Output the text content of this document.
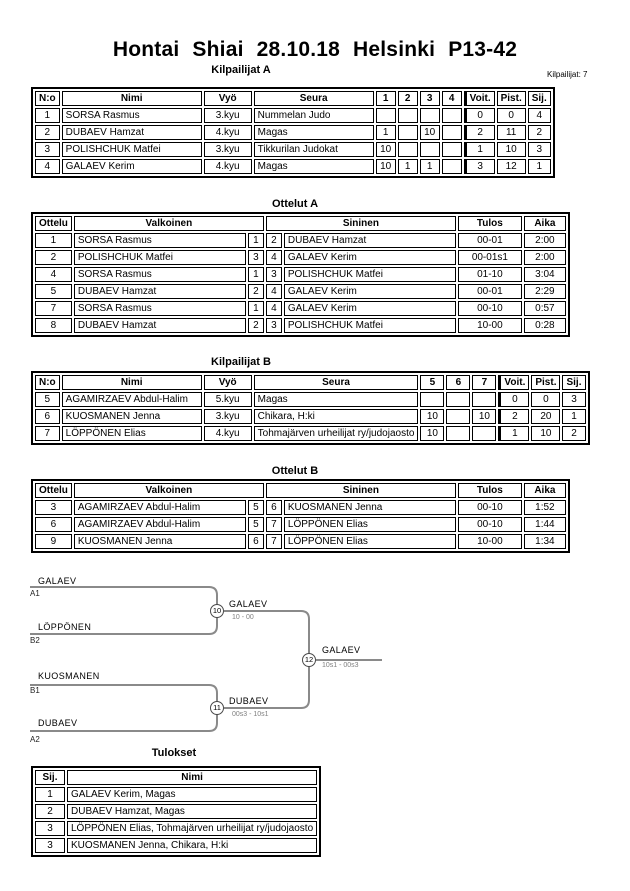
Hontai Shiai 28.10.18 Helsinki P13-42
Kilpailijat A	Kilpailijat: 7
N:o	Nimi	Vyö	Seura	1	2	3	4	Voit.	Pist.	Sij.
1	SORSA Rasmus	3.kyu	Nummelan Judo					0	0	4
2	DUBAEV Hamzat	4.kyu	Magas	1		10		2	11	2
3	POLISHCHUK Matfei	3.kyu	Tikkurilan Judokat	10				1	10	3
4	GALAEV Kerim	4.kyu	Magas	10	1	1		3	12	1
Ottelut A
Ottelu	Valkoinen		Sininen		Tulos	Aika
1	SORSA Rasmus	1	2	DUBAEV Hamzat	00-01	2:00
2	POLISHCHUK Matfei	3	4	GALAEV Kerim	00-01s1	2:00
4	SORSA Rasmus	1	3	POLISHCHUK Matfei	01-10	3:04
5	DUBAEV Hamzat	2	4	GALAEV Kerim	00-01	2:29
7	SORSA Rasmus	1	4	GALAEV Kerim	00-10	0:57
8	DUBAEV Hamzat	2	3	POLISHCHUK Matfei	10-00	0:28
Kilpailijat B
N:o	Nimi	Vyö	Seura	5	6	7	Voit.	Pist.	Sij.
5	AGAMIRZAEV Abdul-Halim	5.kyu	Magas				0	0	3
6	KUOSMANEN Jenna	3.kyu	Chikara, H:ki	10		10	2	20	1
7	LÖPPÖNEN Elias	4.kyu	Tohmajärven urheilijat ry/judojaosto	10			1	10	2
Ottelut B
Ottelu	Valkoinen		Sininen		Tulos	Aika
3	AGAMIRZAEV Abdul-Halim	5	6	KUOSMANEN Jenna	00-10	1:52
6	AGAMIRZAEV Abdul-Halim	5	7	LÖPPÖNEN Elias	00-10	1:44
9	KUOSMANEN Jenna	6	7	LÖPPÖNEN Elias	10-00	1:34
GALAEV
A1
LÖPPÖNEN
B2
KUOSMANEN
B1
DUBAEV
A2
10
GALAEV
10 - 00
11
DUBAEV
00s3 - 10s1
12
GALAEV
10s1 - 00s3
Tulokset
Sij.	Nimi
1	GALAEV Kerim, Magas
2	DUBAEV Hamzat, Magas
3	LÖPPÖNEN Elias, Tohmajärven urheilijat ry/judojaosto
3	KUOSMANEN Jenna, Chikara, H:ki
